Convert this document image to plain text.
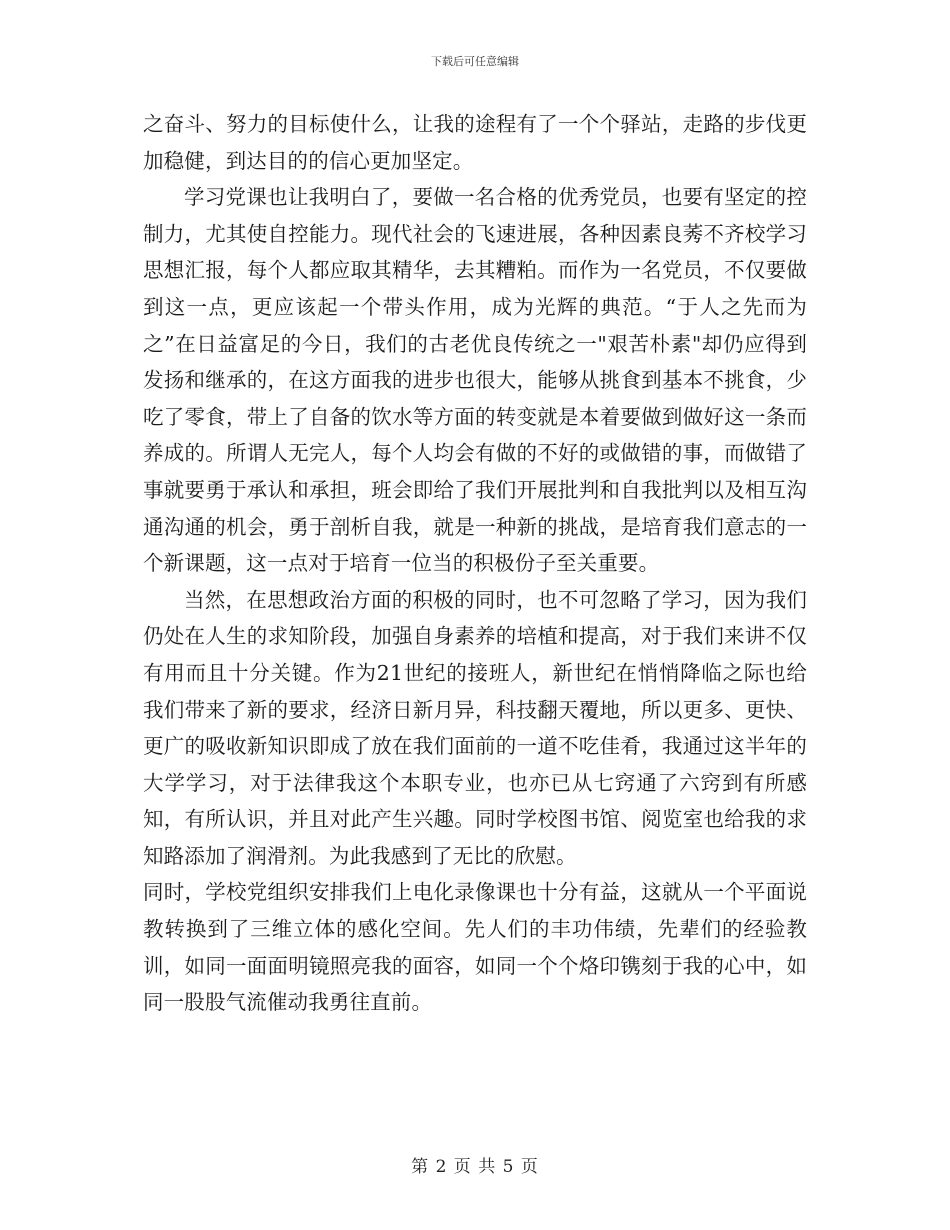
下载后可任意编辑

之奋斗、努力的目标使什么，让我的途程有了一个个驿站，走路的步伐更加稳健，到达目的的信心更加坚定。

学习党课也让我明白了，要做一名合格的优秀党员，也要有坚定的控制力，尤其使自控能力。现代社会的飞速进展，各种因素良莠不齐校学习思想汇报，每个人都应取其精华，去其糟粕。而作为一名党员，不仅要做到这一点，更应该起一个带头作用，成为光辉的典范。“于人之先而为之”在日益富足的今日，我们的古老优良传统之一"艰苦朴素"却仍应得到发扬和继承的，在这方面我的进步也很大，能够从挑食到基本不挑食，少吃了零食，带上了自备的饮水等方面的转变就是本着要做到做好这一条而养成的。所谓人无完人，每个人均会有做的不好的或做错的事，而做错了事就要勇于承认和承担，班会即给了我们开展批判和自我批判以及相互沟通沟通的机会，勇于剖析自我，就是一种新的挑战，是培育我们意志的一个新课题，这一点对于培育一位当的积极份子至关重要。

当然，在思想政治方面的积极的同时，也不可忽略了学习，因为我们仍处在人生的求知阶段，加强自身素养的培植和提高，对于我们来讲不仅有用而且十分关键。作为21世纪的接班人，新世纪在悄悄降临之际也给我们带来了新的要求，经济日新月异，科技翻天覆地，所以更多、更快、更广的吸收新知识即成了放在我们面前的一道不吃佳肴，我通过这半年的大学学习，对于法律我这个本职专业，也亦已从七窍通了六窍到有所感知，有所认识，并且对此产生兴趣。同时学校图书馆、阅览室也给我的求知路添加了润滑剂。为此我感到了无比的欣慰。

同时，学校党组织安排我们上电化录像课也十分有益，这就从一个平面说教转换到了三维立体的感化空间。先人们的丰功伟绩，先辈们的经验教训，如同一面面明镜照亮我的面容，如同一个个烙印镌刻于我的心中，如同一股股气流催动我勇往直前。

第 2 页 共 5 页
